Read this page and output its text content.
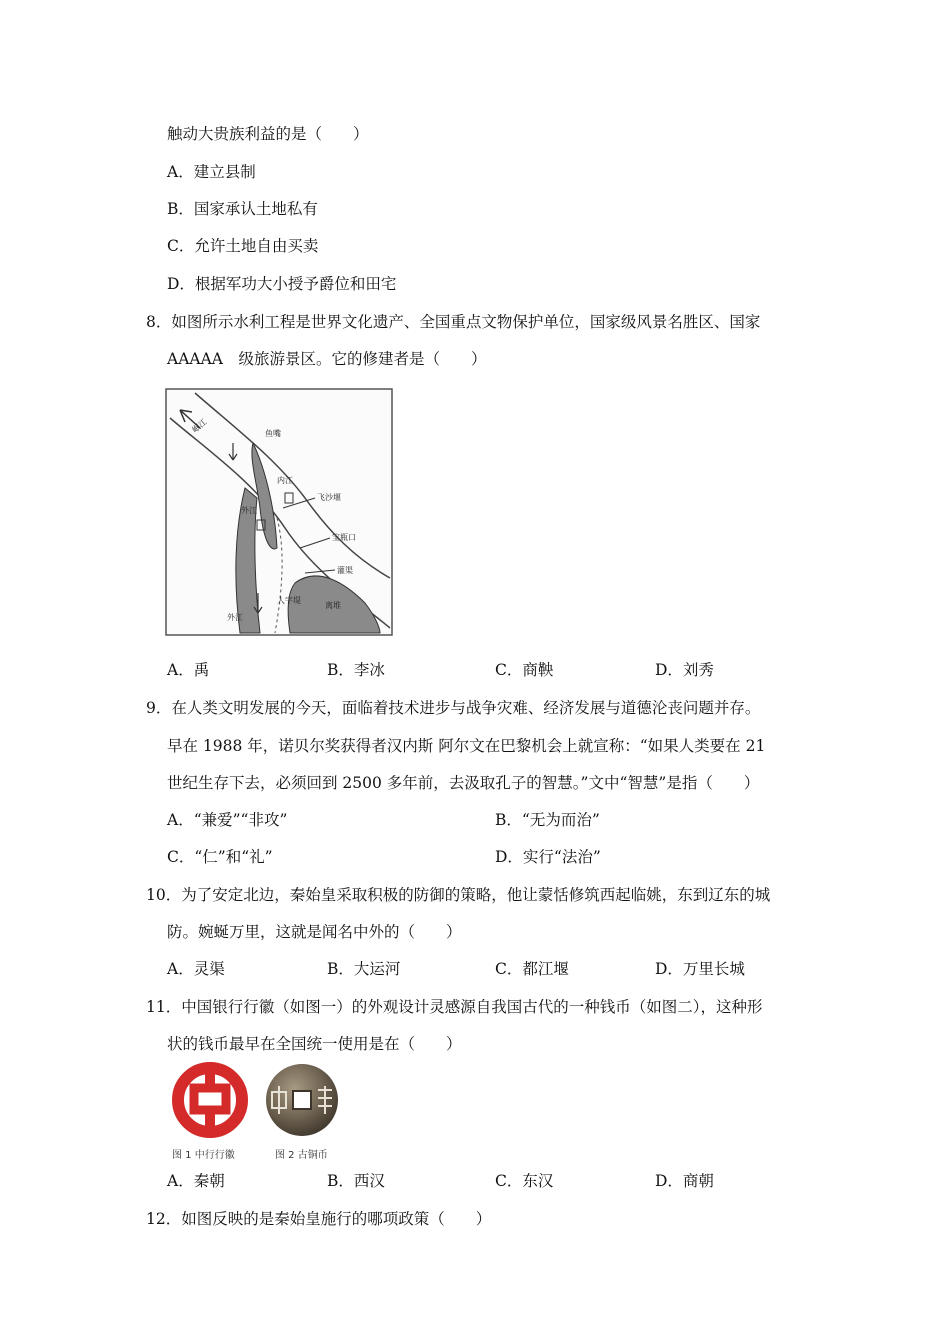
触动大贵族利益的是（　　）
A．建立县制
B．国家承认土地私有
C．允许土地自由买卖
D．根据军功大小授予爵位和田宅
8．如图所示水利工程是世界文化遗产、全国重点文物保护单位，国家级风景名胜区、国家
AAAAA　级旅游景区。它的修建者是（　　）
岷江	鱼嘴
内江
外江
飞沙堰
宝瓶口
灌渠
离堆
人字堤
外江
A．禹	B．李冰	C．商鞅	D．刘秀
9．在人类文明发展的今天，面临着技术进步与战争灾难、经济发展与道德沦丧问题并存。
早在 1988 年，诺贝尔奖获得者汉内斯 阿尔文在巴黎机会上就宣称：“如果人类要在 21
世纪生存下去，必须回到 2500 多年前，去汲取孔子的智慧。”文中“智慧”是指（　　）
A．“兼爱”“非攻”	B．“无为而治”
C．“仁”和“礼”	D．实行“法治”
10．为了安定北边，秦始皇采取积极的防御的策略，他让蒙恬修筑西起临姚，东到辽东的城
防。婉蜒万里，这就是闻名中外的（　　）
A．灵渠	B．大运河	C．都江堰	D．万里长城
11．中国银行行徽（如图一）的外观设计灵感源自我国古代的一种钱币（如图二），这种形
状的钱币最早在全国统一使用是在（　　）
图 1 中行行徽	图 2 古铜币
A．秦朝	B．西汉	C．东汉	D．商朝
12．如图反映的是秦始皇施行的哪项政策（　　）
